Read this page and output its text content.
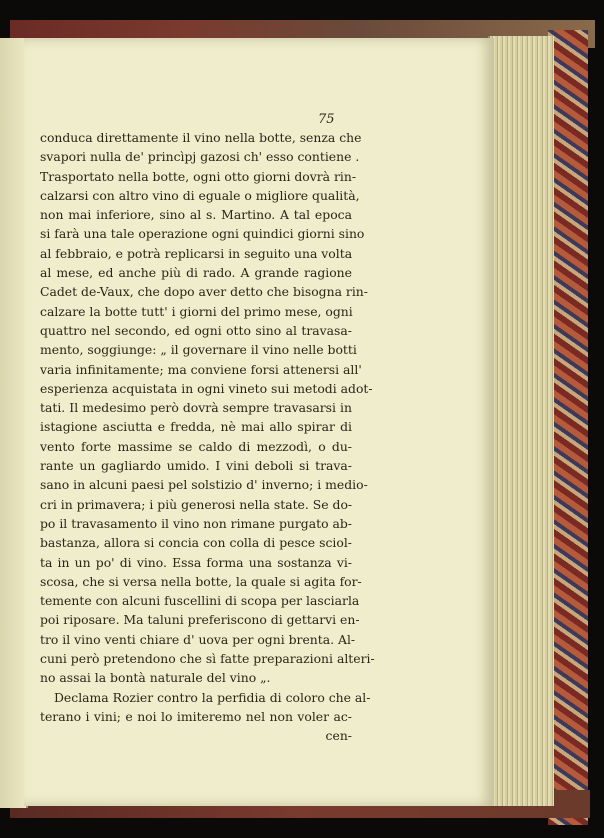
75
conduca direttamente il vino nella botte, senza che
svapori nulla de' princìpj gazosi ch' esso contiene .
Trasportato nella botte, ogni otto giorni dovrà rin-
calzarsi con altro vino di eguale o migliore qualità,
non mai inferiore, sino al s. Martino. A tal epoca
si farà una tale operazione ogni quindici giorni sino
al febbraio, e potrà replicarsi in seguito una volta
al mese, ed anche più di rado. A grande ragione
Cadet de-Vaux, che dopo aver detto che bisogna rin-
calzare la botte tutt' i giorni del primo mese, ogni
quattro nel secondo, ed ogni otto sino al travasa-
mento, soggiunge: „ il governare il vino nelle botti
varia infinitamente; ma conviene forsi attenersi all'
esperienza acquistata in ogni vineto sui metodi adot-
tati. Il medesimo però dovrà sempre travasarsi in
istagione asciutta e fredda, nè mai allo spirar di
vento forte massime se caldo di mezzodì, o du-
rante un gagliardo umido. I vini deboli si trava-
sano in alcuni paesi pel solstizio d' inverno; i medio-
cri in primavera; i più generosi nella state. Se do-
po il travasamento il vino non rimane purgato ab-
bastanza, allora si concia con colla di pesce sciol-
ta in un po' di vino. Essa forma una sostanza vi-
scosa, che si versa nella botte, la quale si agita for-
temente con alcuni fuscellini di scopa per lasciarla
poi riposare. Ma taluni preferiscono di gettarvi en-
tro il vino venti chiare d' uova per ogni brenta. Al-
cuni però pretendono che sì fatte preparazioni alteri-
no assai la bontà naturale del vino „.
Declama Rozier contro la perfidia di coloro che al-
terano i vini; e noi lo imiteremo nel non voler ac-
cen-
